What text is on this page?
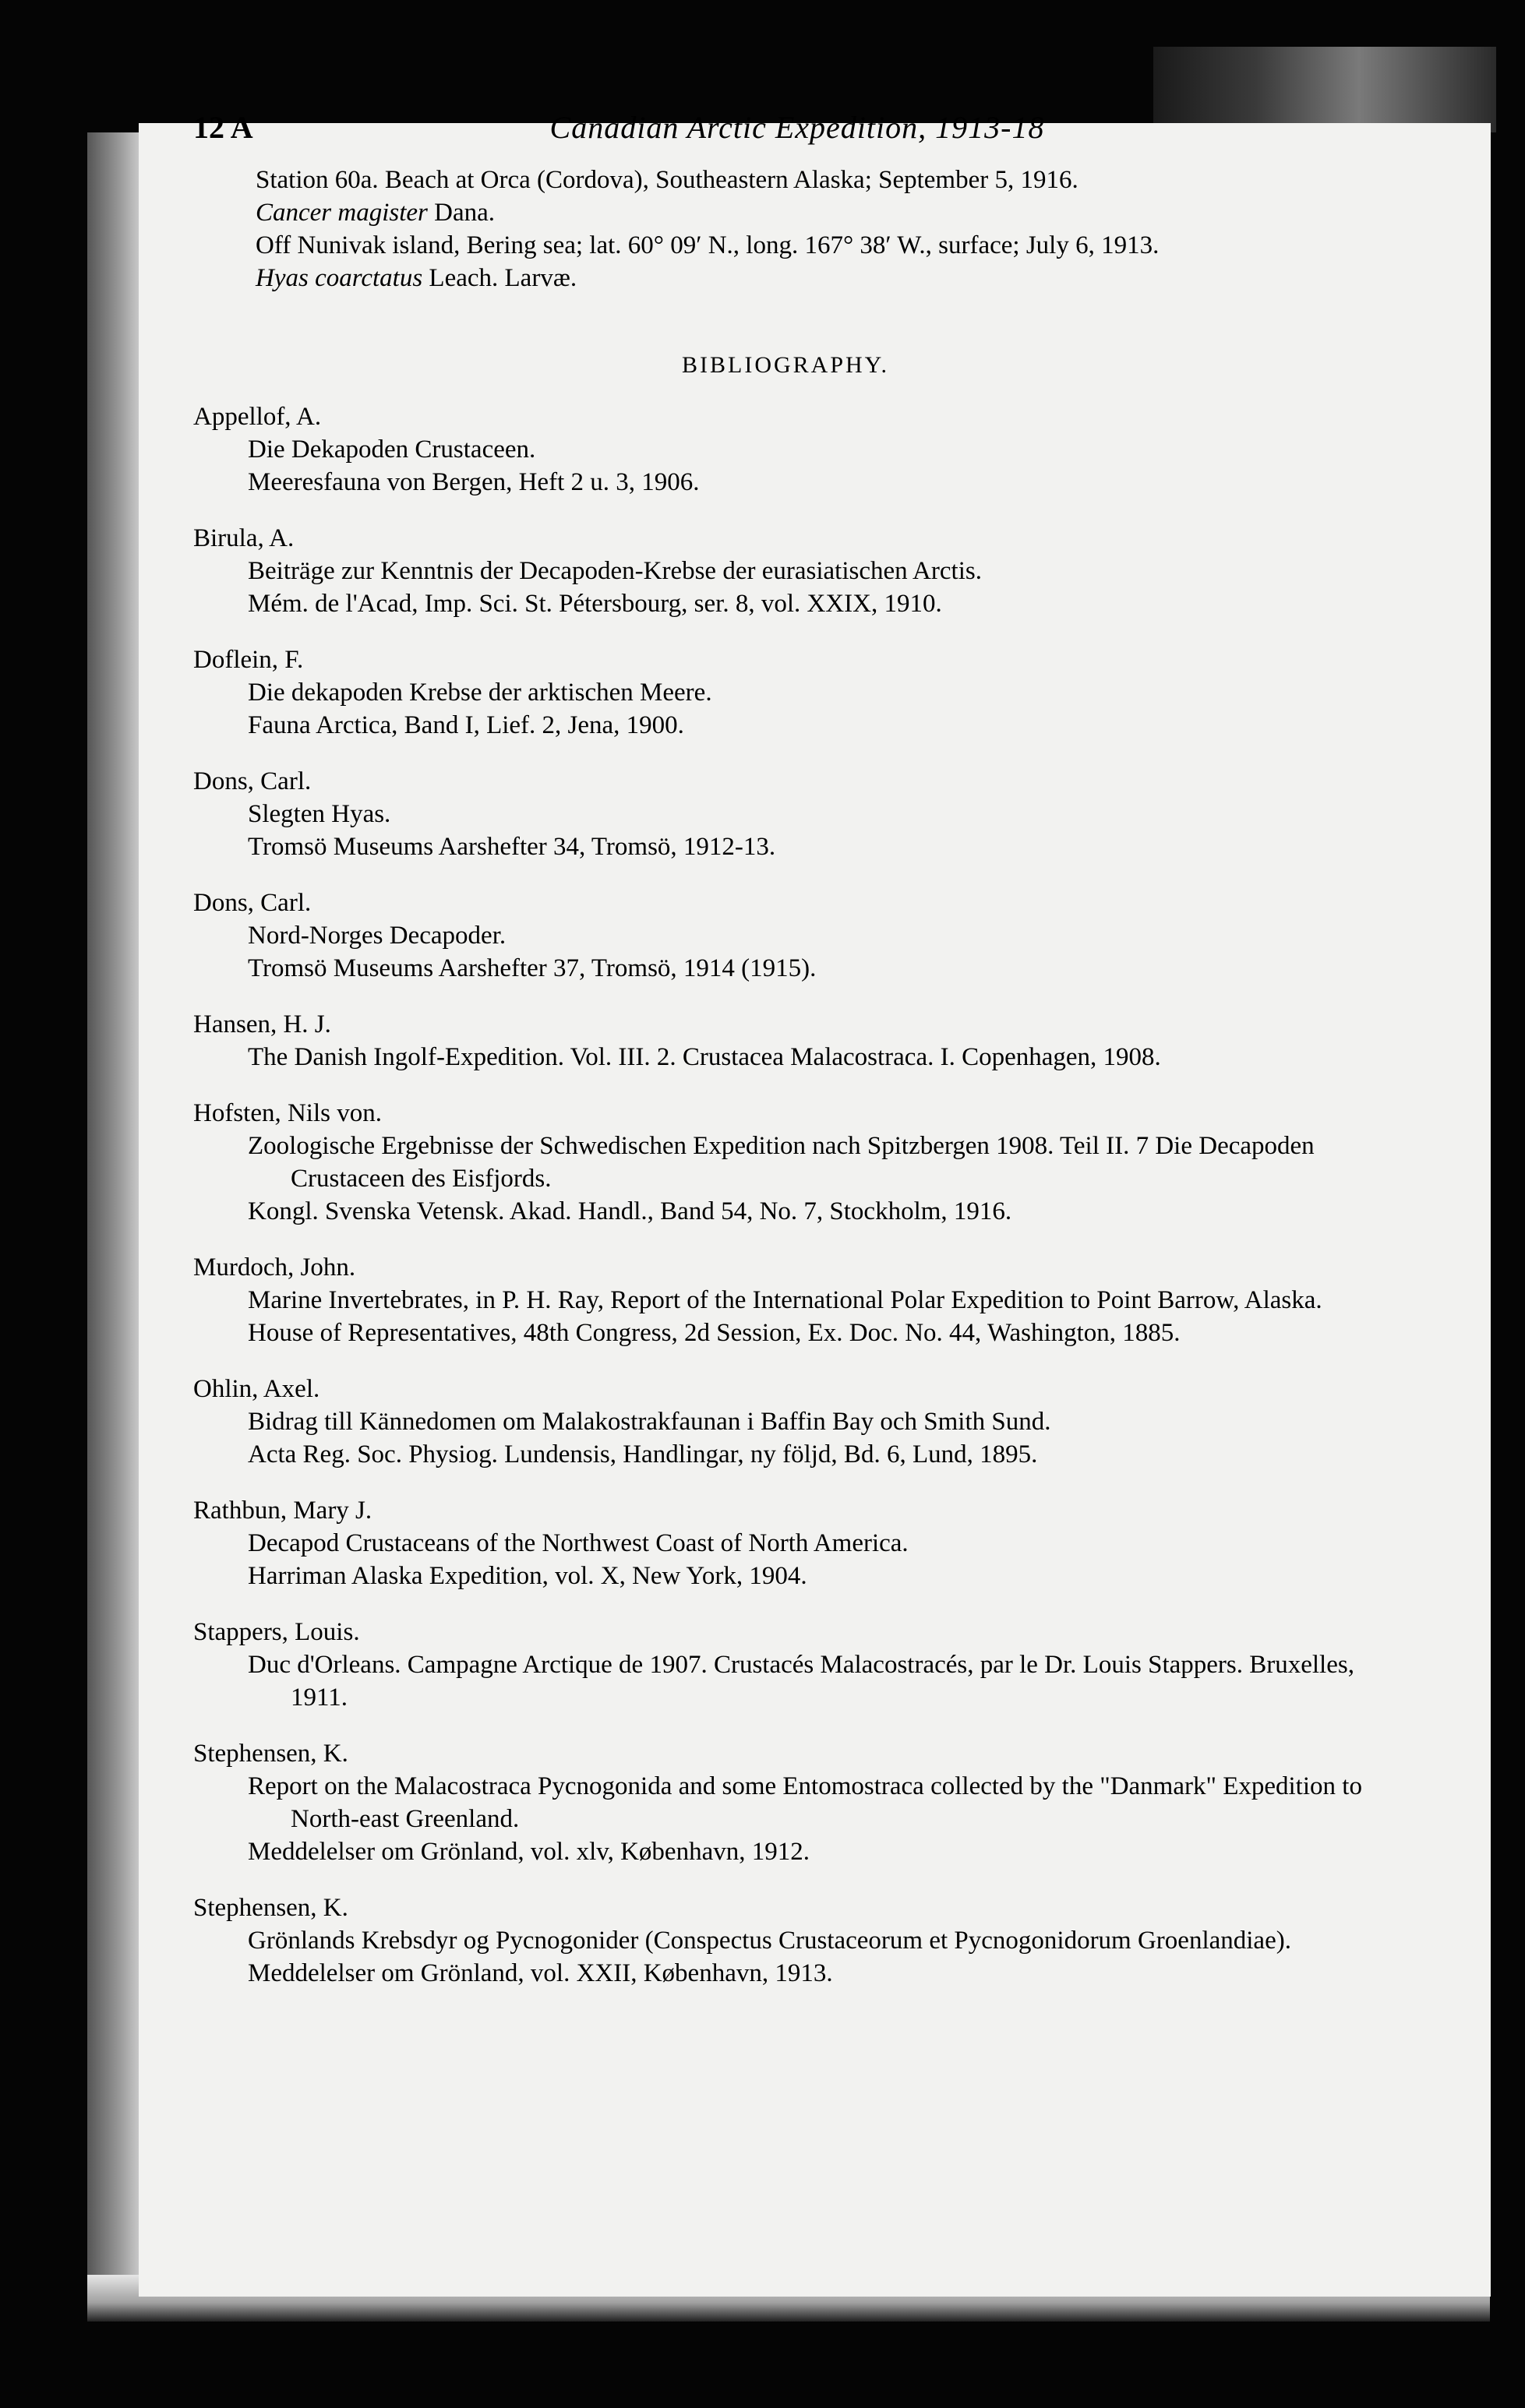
12 A	Canadian Arctic Expedition, 1913-18

Station 60a. Beach at Orca (Cordova), Southeastern Alaska; September 5, 1916.

Cancer magister Dana.

Off Nunivak island, Bering sea; lat. 60° 09′ N., long. 167° 38′ W., surface; July 6, 1913.

Hyas coarctatus Leach. Larvæ.

BIBLIOGRAPHY.

Appellof, A.

Die Dekapoden Crustaceen.

Meeresfauna von Bergen, Heft 2 u. 3, 1906.

Birula, A.

Beiträge zur Kenntnis der Decapoden-Krebse der eurasiatischen Arctis.

Mém. de l'Acad, Imp. Sci. St. Pétersbourg, ser. 8, vol. XXIX, 1910.

Doflein, F.

Die dekapoden Krebse der arktischen Meere.

Fauna Arctica, Band I, Lief. 2, Jena, 1900.

Dons, Carl.

Slegten Hyas.

Tromsö Museums Aarshefter 34, Tromsö, 1912-13.

Dons, Carl.

Nord-Norges Decapoder.

Tromsö Museums Aarshefter 37, Tromsö, 1914 (1915).

Hansen, H. J.

The Danish Ingolf-Expedition. Vol. III. 2. Crustacea Malacostraca. I. Copenhagen, 1908.

Hofsten, Nils von.

Zoologische Ergebnisse der Schwedischen Expedition nach Spitzbergen 1908. Teil II. 7 Die Decapoden Crustaceen des Eisfjords.

Kongl. Svenska Vetensk. Akad. Handl., Band 54, No. 7, Stockholm, 1916.

Murdoch, John.

Marine Invertebrates, in P. H. Ray, Report of the International Polar Expedition to Point Barrow, Alaska.

House of Representatives, 48th Congress, 2d Session, Ex. Doc. No. 44, Washington, 1885.

Ohlin, Axel.

Bidrag till Kännedomen om Malakostrakfaunan i Baffin Bay och Smith Sund.

Acta Reg. Soc. Physiog. Lundensis, Handlingar, ny följd, Bd. 6, Lund, 1895.

Rathbun, Mary J.

Decapod Crustaceans of the Northwest Coast of North America.

Harriman Alaska Expedition, vol. X, New York, 1904.

Stappers, Louis.

Duc d'Orleans. Campagne Arctique de 1907. Crustacés Malacostracés, par le Dr. Louis Stappers. Bruxelles, 1911.

Stephensen, K.

Report on the Malacostraca Pycnogonida and some Entomostraca collected by the "Danmark" Expedition to North-east Greenland.

Meddelelser om Grönland, vol. xlv, København, 1912.

Stephensen, K.

Grönlands Krebsdyr og Pycnogonider (Conspectus Crustaceorum et Pycnogonidorum Groenlandiae).

Meddelelser om Grönland, vol. XXII, København, 1913.
